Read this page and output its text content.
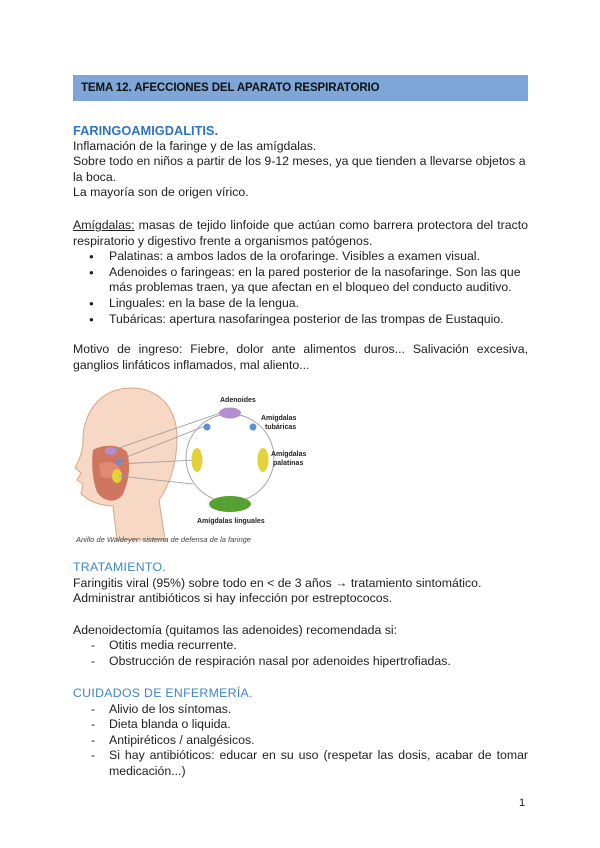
TEMA 12. AFECCIONES DEL APARATO RESPIRATORIO
FARINGOAMIGDALITIS.
Inflamación de la faringe y de las amígdalas.
Sobre todo en niños a partir de los 9-12 meses, ya que tienden a llevarse objetos a la boca.
La mayoría son de origen vírico.
Amígdalas: masas de tejido linfoide que actúan como barrera protectora del tracto respiratorio y digestivo frente a organismos patógenos.
● Palatinas: a ambos lados de la orofaringe. Visibles a examen visual.
● Adenoides o faringeas: en la pared posterior de la nasofaringe. Son las que más problemas traen, ya que afectan en el bloqueo del conducto auditivo.
● Linguales: en la base de la lengua.
● Tubáricas: apertura nasofaringea posterior de las trompas de Eustaquio.
Motivo de ingreso: Fiebre, dolor ante alimentos duros... Salivación excesiva, ganglios linfáticos inflamados, mal aliento...
Adenoides
Amígdalas
tubáricas
Amígdalas
palatinas
Amígdalas linguales
Anillo de Waldeyer: sistema de defensa de la faringe
TRATAMIENTO.
Faringitis viral (95%) sobre todo en < de 3 años → tratamiento sintomático.
Administrar antibióticos si hay infección por estreptococos.
Adenoidectomía (quitamos las adenoides) recomendada si:
- Otitis media recurrente.
- Obstrucción de respiración nasal por adenoides hipertrofiadas.
CUIDADOS DE ENFERMERÍA.
- Alivio de los síntomas.
- Dieta blanda o liquida.
- Antipiréticos / analgésicos.
- Si hay antibióticos: educar en su uso (respetar las dosis, acabar de tomar medicación...)
1
